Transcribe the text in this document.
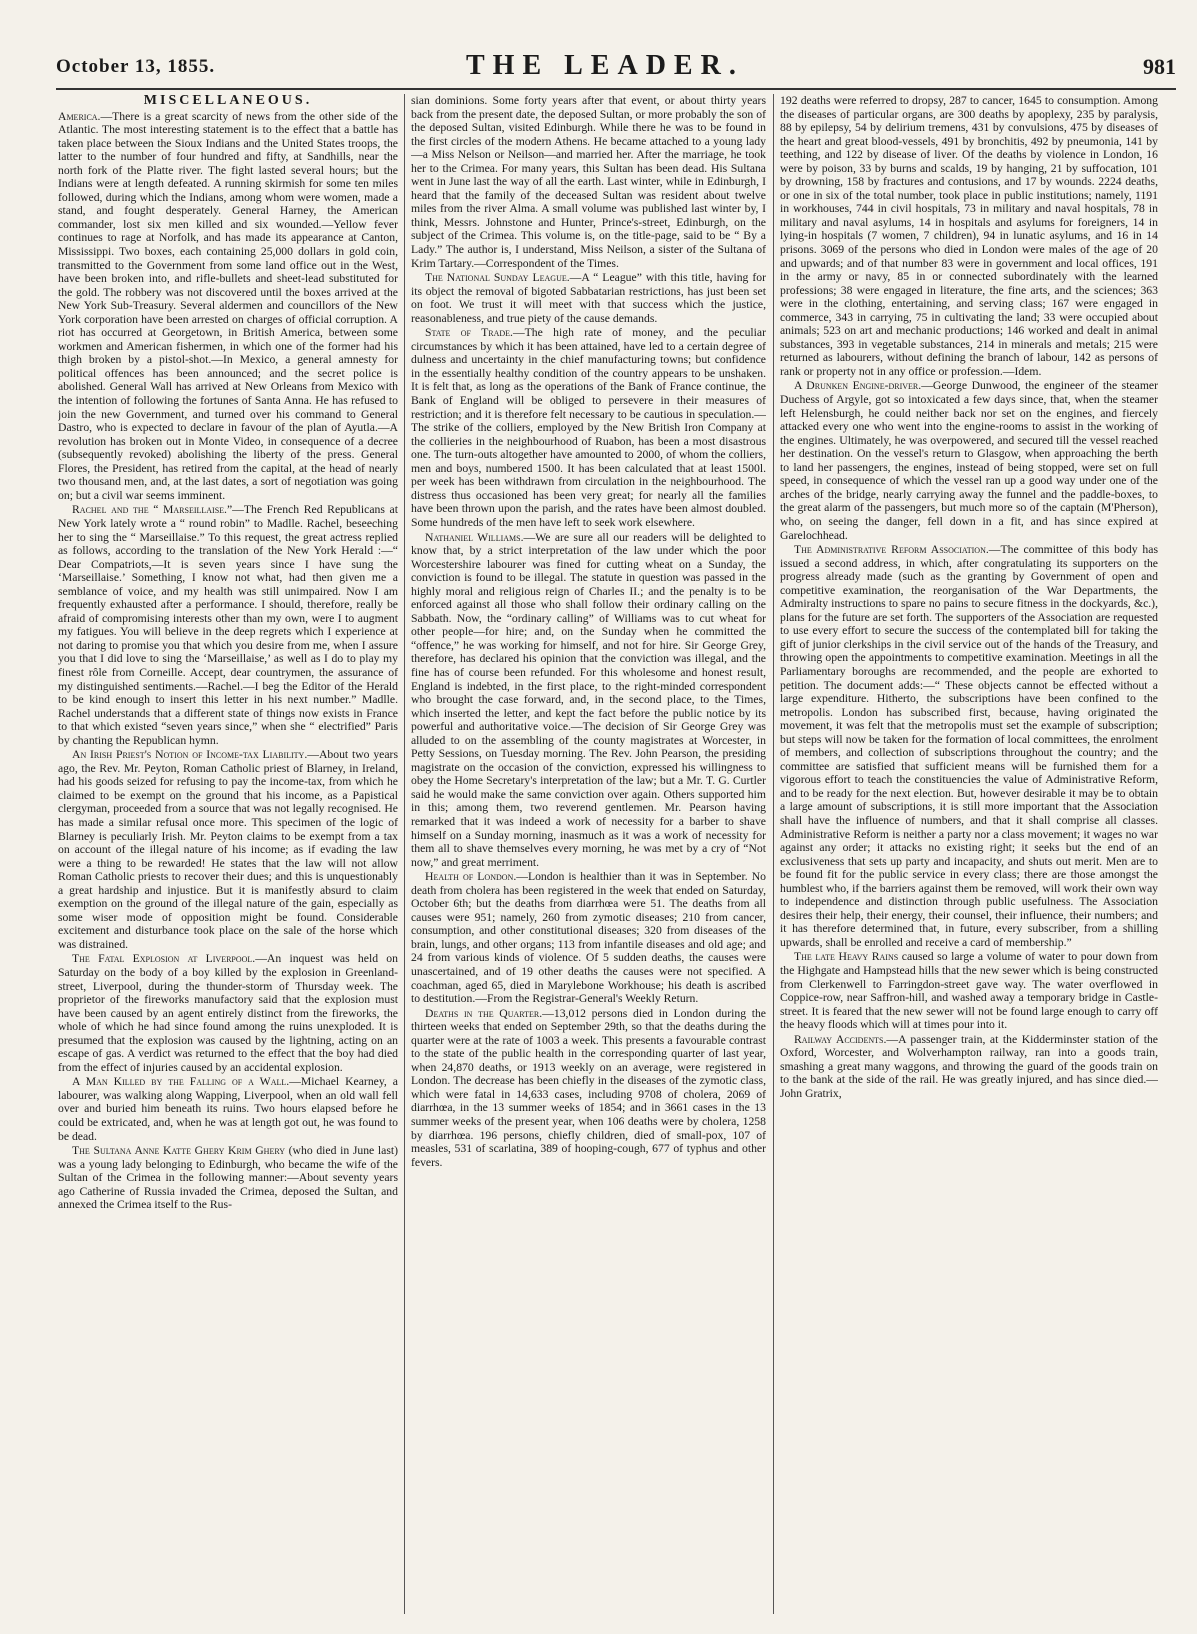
October 13, 1855.	THE LEADER.	981
MISCELLANEOUS.

America.—There is a great scarcity of news from the other side of the Atlantic. The most interesting statement is to the effect that a battle has taken place between the Sioux Indians and the United States troops, the latter to the number of four hundred and fifty, at Sandhills, near the north fork of the Platte river. The fight lasted several hours; but the Indians were at length defeated. A running skirmish for some ten miles followed, during which the Indians, among whom were women, made a stand, and fought desperately. General Harney, the American commander, lost six men killed and six wounded.—Yellow fever continues to rage at Norfolk, and has made its appearance at Canton, Mississippi. Two boxes, each containing 25,000 dollars in gold coin, transmitted to the Government from some land office out in the West, have been broken into, and rifle-bullets and sheet-lead substituted for the gold. The robbery was not discovered until the boxes arrived at the New York Sub-Treasury. Several aldermen and councillors of the New York corporation have been arrested on charges of official corruption. A riot has occurred at Georgetown, in British America, between some workmen and American fishermen, in which one of the former had his thigh broken by a pistol-shot.—In Mexico, a general amnesty for political offences has been announced; and the secret police is abolished. General Wall has arrived at New Orleans from Mexico with the intention of following the fortunes of Santa Anna. He has refused to join the new Government, and turned over his command to General Dastro, who is expected to declare in favour of the plan of Ayutla.—A revolution has broken out in Monte Video, in consequence of a decree (subsequently revoked) abolishing the liberty of the press. General Flores, the President, has retired from the capital, at the head of nearly two thousand men, and, at the last dates, a sort of negotiation was going on; but a civil war seems imminent.

Rachel and the “ Marseillaise.”—The French Red Republicans at New York lately wrote a “ round robin” to Madlle. Rachel, beseeching her to sing the “ Marseillaise.” To this request, the great actress replied as follows, according to the translation of the New York Herald :—“ Dear Compatriots,—It is seven years since I have sung the ‘Marseillaise.’ Something, I know not what, had then given me a semblance of voice, and my health was still unimpaired. Now I am frequently exhausted after a performance. I should, therefore, really be afraid of compromising interests other than my own, were I to augment my fatigues. You will believe in the deep regrets which I experience at not daring to promise you that which you desire from me, when I assure you that I did love to sing the ‘Marseillaise,’ as well as I do to play my finest rôle from Corneille. Accept, dear countrymen, the assurance of my distinguished sentiments.—Rachel.—I beg the Editor of the Herald to be kind enough to insert this letter in his next number.” Madlle. Rachel understands that a different state of things now exists in France to that which existed “seven years since,” when she “ electrified” Paris by chanting the Republican hymn.

An Irish Priest's Notion of Income-tax Liability.—About two years ago, the Rev. Mr. Peyton, Roman Catholic priest of Blarney, in Ireland, had his goods seized for refusing to pay the income-tax, from which he claimed to be exempt on the ground that his income, as a Papistical clergyman, proceeded from a source that was not legally recognised. He has made a similar refusal once more. This specimen of the logic of Blarney is peculiarly Irish. Mr. Peyton claims to be exempt from a tax on account of the illegal nature of his income; as if evading the law were a thing to be rewarded! He states that the law will not allow Roman Catholic priests to recover their dues; and this is unquestionably a great hardship and injustice. But it is manifestly absurd to claim exemption on the ground of the illegal nature of the gain, especially as some wiser mode of opposition might be found. Considerable excitement and disturbance took place on the sale of the horse which was distrained.

The Fatal Explosion at Liverpool.—An inquest was held on Saturday on the body of a boy killed by the explosion in Greenland-street, Liverpool, during the thunder-storm of Thursday week. The proprietor of the fireworks manufactory said that the explosion must have been caused by an agent entirely distinct from the fireworks, the whole of which he had since found among the ruins unexploded. It is presumed that the explosion was caused by the lightning, acting on an escape of gas. A verdict was returned to the effect that the boy had died from the effect of injuries caused by an accidental explosion.

A Man Killed by the Falling of a Wall.—Michael Kearney, a labourer, was walking along Wapping, Liverpool, when an old wall fell over and buried him beneath its ruins. Two hours elapsed before he could be extricated, and, when he was at length got out, he was found to be dead.

The Sultana Anne Katte Ghery Krim Ghery (who died in June last) was a young lady belonging to Edinburgh, who became the wife of the Sultan of the Crimea in the following manner:—About seventy years ago Catherine of Russia invaded the Crimea, deposed the Sultan, and annexed the Crimea itself to the Rus-

sian dominions. Some forty years after that event, or about thirty years back from the present date, the deposed Sultan, or more probably the son of the deposed Sultan, visited Edinburgh. While there he was to be found in the first circles of the modern Athens. He became attached to a young lady—a Miss Nelson or Neilson—and married her. After the marriage, he took her to the Crimea. For many years, this Sultan has been dead. His Sultana went in June last the way of all the earth. Last winter, while in Edinburgh, I heard that the family of the deceased Sultan was resident about twelve miles from the river Alma. A small volume was published last winter by, I think, Messrs. Johnstone and Hunter, Prince's-street, Edinburgh, on the subject of the Crimea. This volume is, on the title-page, said to be “ By a Lady.” The author is, I understand, Miss Neilson, a sister of the Sultana of Krim Tartary.—Correspondent of the Times.

The National Sunday League.—A “ League” with this title, having for its object the removal of bigoted Sabbatarian restrictions, has just been set on foot. We trust it will meet with that success which the justice, reasonableness, and true piety of the cause demands.

State of Trade.—The high rate of money, and the peculiar circumstances by which it has been attained, have led to a certain degree of dulness and uncertainty in the chief manufacturing towns; but confidence in the essentially healthy condition of the country appears to be unshaken. It is felt that, as long as the operations of the Bank of France continue, the Bank of England will be obliged to persevere in their measures of restriction; and it is therefore felt necessary to be cautious in speculation.—The strike of the colliers, employed by the New British Iron Company at the collieries in the neighbourhood of Ruabon, has been a most disastrous one. The turn-outs altogether have amounted to 2000, of whom the colliers, men and boys, numbered 1500. It has been calculated that at least 1500l. per week has been withdrawn from circulation in the neighbourhood. The distress thus occasioned has been very great; for nearly all the families have been thrown upon the parish, and the rates have been almost doubled. Some hundreds of the men have left to seek work elsewhere.

Nathaniel Williams.—We are sure all our readers will be delighted to know that, by a strict interpretation of the law under which the poor Worcestershire labourer was fined for cutting wheat on a Sunday, the conviction is found to be illegal. The statute in question was passed in the highly moral and religious reign of Charles II.; and the penalty is to be enforced against all those who shall follow their ordinary calling on the Sabbath. Now, the “ordinary calling” of Williams was to cut wheat for other people—for hire; and, on the Sunday when he committed the “offence,” he was working for himself, and not for hire. Sir George Grey, therefore, has declared his opinion that the conviction was illegal, and the fine has of course been refunded. For this wholesome and honest result, England is indebted, in the first place, to the right-minded correspondent who brought the case forward, and, in the second place, to the Times, which inserted the letter, and kept the fact before the public notice by its powerful and authoritative voice.—The decision of Sir George Grey was alluded to on the assembling of the county magistrates at Worcester, in Petty Sessions, on Tuesday morning. The Rev. John Pearson, the presiding magistrate on the occasion of the conviction, expressed his willingness to obey the Home Secretary's interpretation of the law; but a Mr. T. G. Curtler said he would make the same conviction over again. Others supported him in this; among them, two reverend gentlemen. Mr. Pearson having remarked that it was indeed a work of necessity for a barber to shave himself on a Sunday morning, inasmuch as it was a work of necessity for them all to shave themselves every morning, he was met by a cry of “Not now,” and great merriment.

Health of London.—London is healthier than it was in September. No death from cholera has been registered in the week that ended on Saturday, October 6th; but the deaths from diarrhœa were 51. The deaths from all causes were 951; namely, 260 from zymotic diseases; 210 from cancer, consumption, and other constitutional diseases; 320 from diseases of the brain, lungs, and other organs; 113 from infantile diseases and old age; and 24 from various kinds of violence. Of 5 sudden deaths, the causes were unascertained, and of 19 other deaths the causes were not specified. A coachman, aged 65, died in Marylebone Workhouse; his death is ascribed to destitution.—From the Registrar-General's Weekly Return.

Deaths in the Quarter.—13,012 persons died in London during the thirteen weeks that ended on September 29th, so that the deaths during the quarter were at the rate of 1003 a week. This presents a favourable contrast to the state of the public health in the corresponding quarter of last year, when 24,870 deaths, or 1913 weekly on an average, were registered in London. The decrease has been chiefly in the diseases of the zymotic class, which were fatal in 14,633 cases, including 9708 of cholera, 2069 of diarrhœa, in the 13 summer weeks of 1854; and in 3661 cases in the 13 summer weeks of the present year, when 106 deaths were by cholera, 1258 by diarrhœa. 196 persons, chiefly children, died of small-pox, 107 of measles, 531 of scarlatina, 389 of hooping-cough, 677 of typhus and other fevers.

192 deaths were referred to dropsy, 287 to cancer, 1645 to consumption. Among the diseases of particular organs, are 300 deaths by apoplexy, 235 by paralysis, 88 by epilepsy, 54 by delirium tremens, 431 by convulsions, 475 by diseases of the heart and great blood-vessels, 491 by bronchitis, 492 by pneumonia, 141 by teething, and 122 by disease of liver. Of the deaths by violence in London, 16 were by poison, 33 by burns and scalds, 19 by hanging, 21 by suffocation, 101 by drowning, 158 by fractures and contusions, and 17 by wounds. 2224 deaths, or one in six of the total number, took place in public institutions; namely, 1191 in workhouses, 744 in civil hospitals, 73 in military and naval hospitals, 78 in military and naval asylums, 14 in hospitals and asylums for foreigners, 14 in lying-in hospitals (7 women, 7 children), 94 in lunatic asylums, and 16 in 14 prisons. 3069 of the persons who died in London were males of the age of 20 and upwards; and of that number 83 were in government and local offices, 191 in the army or navy, 85 in or connected subordinately with the learned professions; 38 were engaged in literature, the fine arts, and the sciences; 363 were in the clothing, entertaining, and serving class; 167 were engaged in commerce, 343 in carrying, 75 in cultivating the land; 33 were occupied about animals; 523 on art and mechanic productions; 146 worked and dealt in animal substances, 393 in vegetable substances, 214 in minerals and metals; 215 were returned as labourers, without defining the branch of labour, 142 as persons of rank or property not in any office or profession.—Idem.

A Drunken Engine-driver.—George Dunwood, the engineer of the steamer Duchess of Argyle, got so intoxicated a few days since, that, when the steamer left Helensburgh, he could neither back nor set on the engines, and fiercely attacked every one who went into the engine-rooms to assist in the working of the engines. Ultimately, he was overpowered, and secured till the vessel reached her destination. On the vessel's return to Glasgow, when approaching the berth to land her passengers, the engines, instead of being stopped, were set on full speed, in consequence of which the vessel ran up a good way under one of the arches of the bridge, nearly carrying away the funnel and the paddle-boxes, to the great alarm of the passengers, but much more so of the captain (M'Pherson), who, on seeing the danger, fell down in a fit, and has since expired at Garelochhead.

The Administrative Reform Association.—The committee of this body has issued a second address, in which, after congratulating its supporters on the progress already made (such as the granting by Government of open and competitive examination, the reorganisation of the War Departments, the Admiralty instructions to spare no pains to secure fitness in the dockyards, &c.), plans for the future are set forth. The supporters of the Association are requested to use every effort to secure the success of the contemplated bill for taking the gift of junior clerkships in the civil service out of the hands of the Treasury, and throwing open the appointments to competitive examination. Meetings in all the Parliamentary boroughs are recommended, and the people are exhorted to petition. The document adds:—“ These objects cannot be effected without a large expenditure. Hitherto, the subscriptions have been confined to the metropolis. London has subscribed first, because, having originated the movement, it was felt that the metropolis must set the example of subscription; but steps will now be taken for the formation of local committees, the enrolment of members, and collection of subscriptions throughout the country; and the committee are satisfied that sufficient means will be furnished them for a vigorous effort to teach the constituencies the value of Administrative Reform, and to be ready for the next election. But, however desirable it may be to obtain a large amount of subscriptions, it is still more important that the Association shall have the influence of numbers, and that it shall comprise all classes. Administrative Reform is neither a party nor a class movement; it wages no war against any order; it attacks no existing right; it seeks but the end of an exclusiveness that sets up party and incapacity, and shuts out merit. Men are to be found fit for the public service in every class; there are those amongst the humblest who, if the barriers against them be removed, will work their own way to independence and distinction through public usefulness. The Association desires their help, their energy, their counsel, their influence, their numbers; and it has therefore determined that, in future, every subscriber, from a shilling upwards, shall be enrolled and receive a card of membership.”

The late Heavy Rains caused so large a volume of water to pour down from the Highgate and Hampstead hills that the new sewer which is being constructed from Clerkenwell to Farringdon-street gave way. The water overflowed in Coppice-row, near Saffron-hill, and washed away a temporary bridge in Castle-street. It is feared that the new sewer will not be found large enough to carry off the heavy floods which will at times pour into it.

Railway Accidents.—A passenger train, at the Kidderminster station of the Oxford, Worcester, and Wolverhampton railway, ran into a goods train, smashing a great many waggons, and throwing the guard of the goods train on to the bank at the side of the rail. He was greatly injured, and has since died.—John Gratrix,
